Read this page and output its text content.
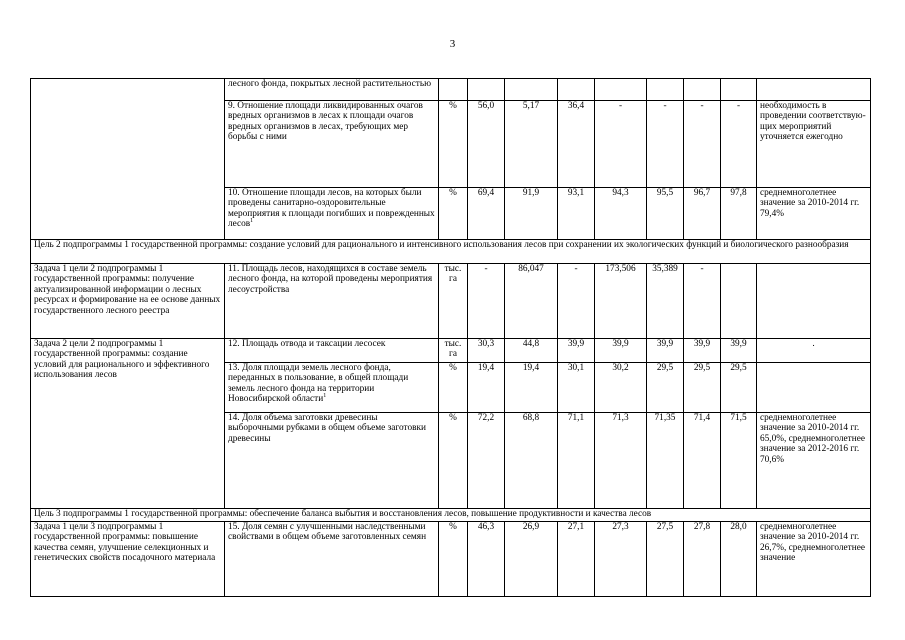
3
	лесного фонда, покрытых лесной растительностью									
	9. Отношение площади ликвидированных очагов вредных организмов в лесах к площади очагов вредных организмов в лесах, требующих мер борьбы с ними	%	56,0	5,17	36,4	-	-	-	-	необходимость в проведении соответствую-щих мероприятий уточняется ежегодно
	10. Отношение площади лесов, на которых были проведены санитарно-оздоровительные мероприятия к площади погибших и поврежденных лесов$^1$	%	69,4	91,9	93,1	94,3	95,5	96,7	97,8	среднемноголетнее значение за 2010-2014 гг. 79,4%
Цель 2 подпрограммы 1 государственной программы: создание условий для рационального и интенсивного использования лесов при сохранении их экологических функций и биологического разнообразия										
Задача 1 цели 2 подпрограммы 1 государственной программы: получение актуализированной информации о лесных ресурсах и формирование на ее основе данных государственного лесного реестра	11. Площадь лесов, находящихся в составе земель лесного фонда, на которой проведены мероприятия лесоустройства	тыс. га	-	86,047	-	173,506	35,389	-		
Задача 2 цели 2 подпрограммы 1 государственной программы: создание условий для рационального и эффективного использования лесов	12. Площадь отвода и таксации лесосек	тыс. га	30,3	44,8	39,9	39,9	39,9	39,9	39,9	.
	13. Доля площади земель лесного фонда, переданных в пользование, в общей площади земель лесного фонда на территории Новосибирской области$^1$	%	19,4	19,4	30,1	30,2	29,5	29,5	29,5	
	14. Доля объема заготовки древесины выборочными рубками в общем объеме заготовки древесины	%	72,2	68,8	71,1	71,3	71,35	71,4	71,5	среднемноголетнее значение за 2010-2014 гг. 65,0%, среднемноголетнее значение за 2012-2016 гг. 70,6%
Цель 3 подпрограммы 1 государственной программы: обеспечение баланса выбытия и восстановления лесов, повышение продуктивности и качества лесов										
Задача 1 цели 3 подпрограммы 1 государственной программы: повышение качества семян, улучшение селекционных и генетических свойств посадочного материала	15. Доля семян с улучшенными наследственными свойствами в общем объеме заготовленных семян	%	46,3	26,9	27,1	27,3	27,5	27,8	28,0	среднемноголетнее значение за 2010-2014 гг. 26,7%, среднемноголетнее значение
